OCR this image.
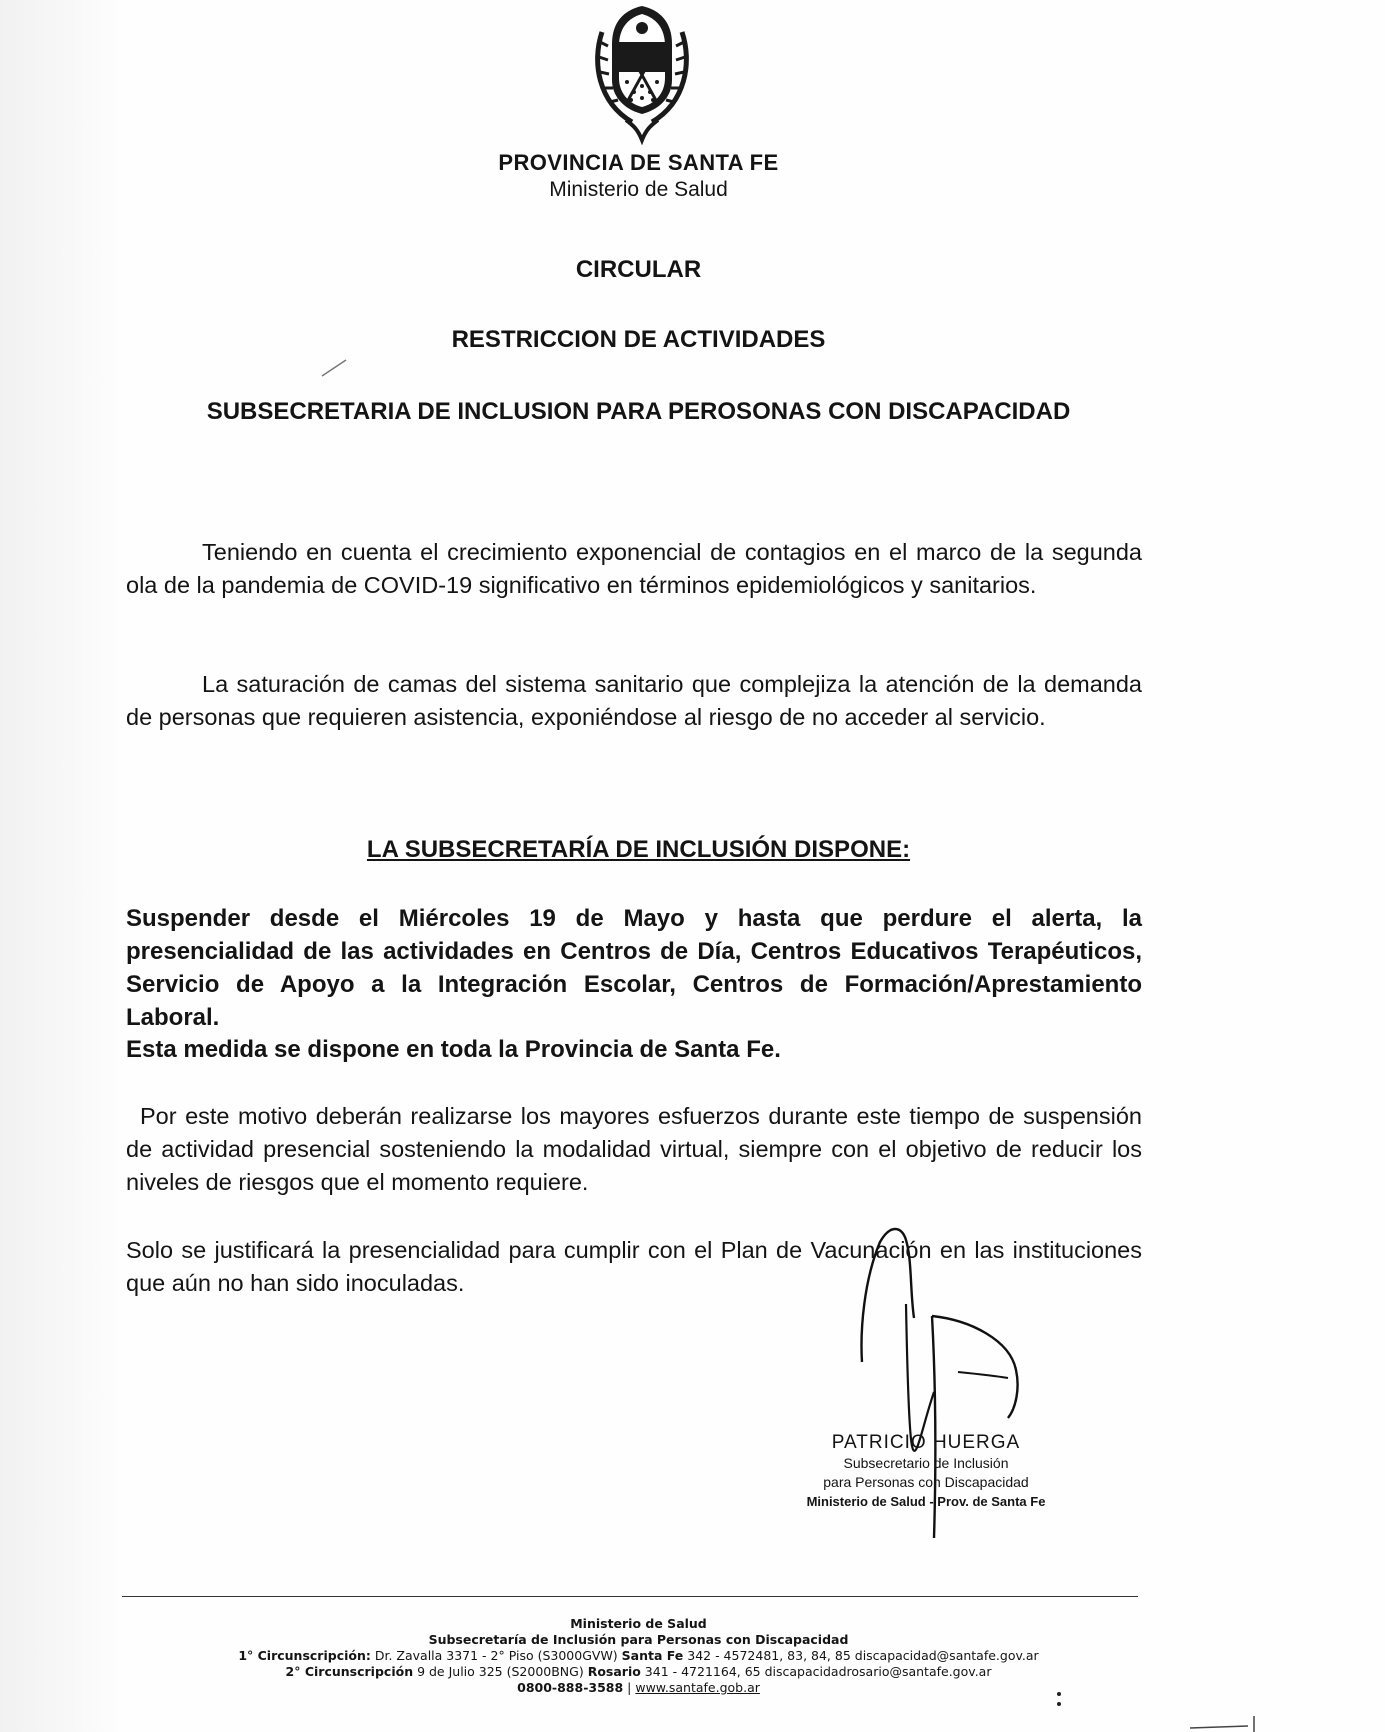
PROVINCIA DE SANTA FE
Ministerio de Salud
CIRCULAR
RESTRICCION DE ACTIVIDADES
SUBSECRETARIA DE INCLUSION PARA PEROSONAS CON DISCAPACIDAD
Teniendo en cuenta el crecimiento exponencial de contagios en el marco de la segunda ola de la pandemia de COVID-19 significativo en términos epidemiológicos y sanitarios.
La saturación de camas del sistema sanitario que complejiza la atención de la demanda de personas que requieren asistencia, exponiéndose al riesgo de no acceder al servicio.
LA SUBSECRETARÍA DE INCLUSIÓN DISPONE:
Suspender desde el Miércoles 19 de Mayo y hasta que perdure el alerta, la presencialidad de las actividades en Centros de Día, Centros Educativos Terapéuticos, Servicio de Apoyo a la Integración Escolar, Centros de Formación/Aprestamiento Laboral.
Esta medida se dispone en toda la Provincia de Santa Fe.
Por este motivo deberán realizarse los mayores esfuerzos durante este tiempo de suspensión de actividad presencial sosteniendo la modalidad virtual, siempre con el objetivo de reducir los niveles de riesgos que el momento requiere.
Solo se justificará la presencialidad para cumplir con el Plan de Vacunación en las instituciones que aún no han sido inoculadas.
PATRICIO HUERGA
Subsecretario de Inclusión
para Personas con Discapacidad
Ministerio de Salud - Prov. de Santa Fe
Ministerio de Salud
Subsecretaría de Inclusión para Personas con Discapacidad
1° Circunscripción: Dr. Zavalla 3371 - 2° Piso (S3000GVW) Santa Fe 342 - 4572481, 83, 84, 85 discapacidad@santafe.gov.ar
2° Circunscripción 9 de Julio 325 (S2000BNG) Rosario 341 - 4721164, 65 discapacidadrosario@santafe.gov.ar
0800-888-3588 | www.santafe.gob.ar
